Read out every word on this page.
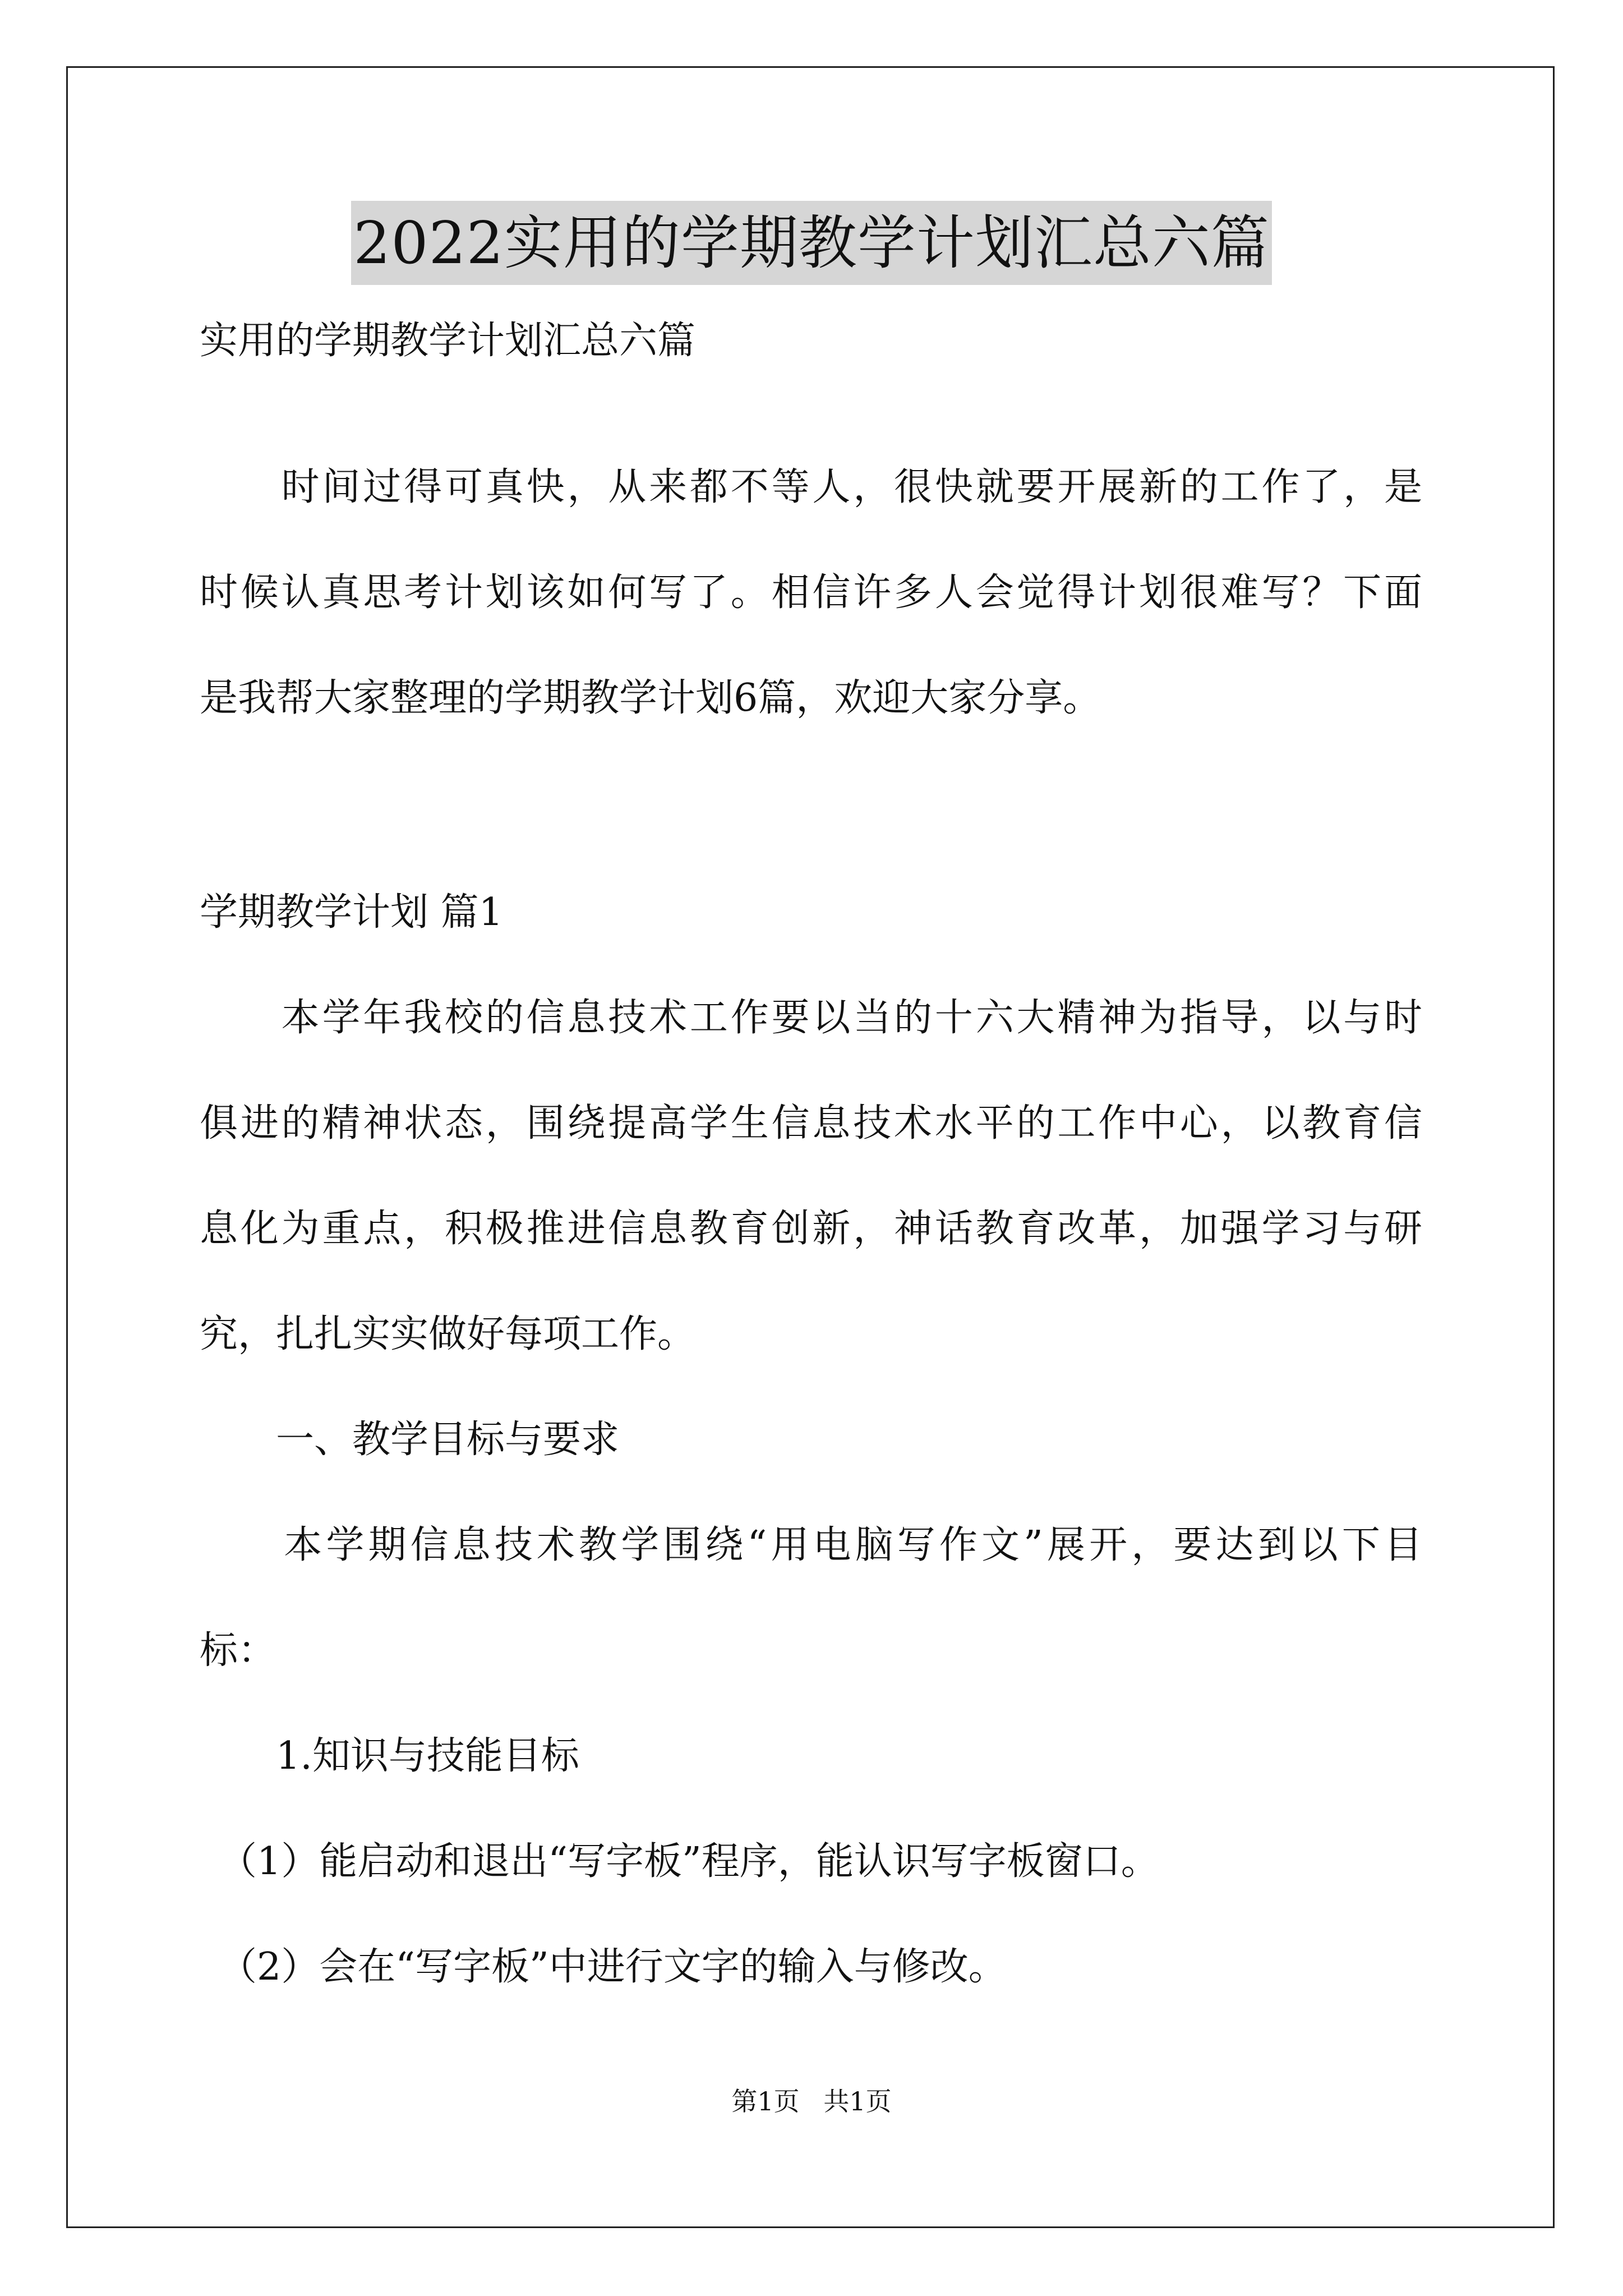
2022实用的学期教学计划汇总六篇
实用的学期教学计划汇总六篇
　　时间过得可真快，从来都不等人，很快就要开展新的工作了，是
时候认真思考计划该如何写了。相信许多人会觉得计划很难写？下面
是我帮大家整理的学期教学计划6篇，欢迎大家分享。
学期教学计划 篇1
　　本学年我校的信息技术工作要以当的十六大精神为指导，以与时
俱进的精神状态，围绕提高学生信息技术水平的工作中心，以教育信
息化为重点，积极推进信息教育创新，神话教育改革，加强学习与研
究，扎扎实实做好每项工作。
　　一、教学目标与要求
　　本学期信息技术教学围绕“用电脑写作文”展开，要达到以下目
标：
　　1.知识与技能目标
　（1）能启动和退出“写字板”程序，能认识写字板窗口。
　（2）会在“写字板”中进行文字的输入与修改。
第1页 共1页
